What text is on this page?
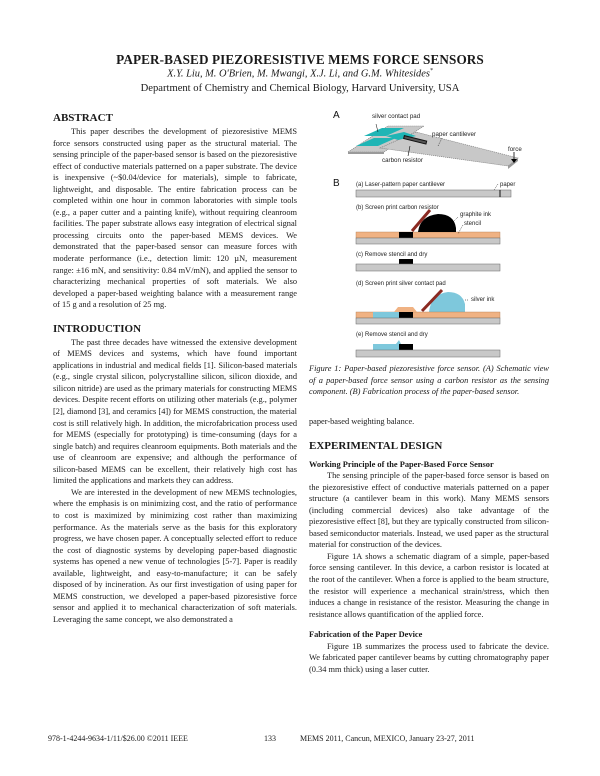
PAPER-BASED PIEZORESISTIVE MEMS FORCE SENSORS
X.Y. Liu, M. O'Brien, M. Mwangi, X.J. Li, and G.M. Whitesides*
Department of Chemistry and Chemical Biology, Harvard University, USA
ABSTRACT

This paper describes the development of piezoresistive MEMS force sensors constructed using paper as the structural material. The sensing principle of the paper-based sensor is based on the piezoresistive effect of conductive materials patterned on a paper substrate. The device is inexpensive (~$0.04/device for materials), simple to fabricate, lightweight, and disposable. The entire fabrication process can be completed within one hour in common laboratories with simple tools (e.g., a paper cutter and a painting knife), without requiring cleanroom facilities. The paper substrate allows easy integration of electrical signal processing circuits onto the paper-based MEMS devices. We demonstrated that the paper-based sensor can measure forces with moderate performance (i.e., detection limit: 120 µN, measurement range: ±16 mN, and sensitivity: 0.84 mV/mN), and applied the sensor to characterizing mechanical properties of soft materials. We also developed a paper-based weighting balance with a measurement range of 15 g and a resolution of 25 mg.

INTRODUCTION

The past three decades have witnessed the extensive development of MEMS devices and systems, which have found important applications in industrial and medical fields [1]. Silicon-based materials (e.g., single crystal silicon, polycrystalline silicon, silicon dioxide, and silicon nitride) are used as the primary materials for constructing MEMS devices. Despite recent efforts on utilizing other materials (e.g., polymer [2], diamond [3], and ceramics [4]) for MEMS construction, the material cost is still relatively high. In addition, the microfabrication process used for MEMS (especially for prototyping) is time-consuming (days for a single batch) and requires cleanroom equipments. Both materials and the use of cleanroom are expensive; and although the performance of silicon-based MEMS can be excellent, their relatively high cost has limited the applications and markets they can address.

We are interested in the development of new MEMS technologies, where the emphasis is on minimizing cost, and the ratio of performance to cost is maximized by minimizing cost rather than maximizing performance. As the materials serve as the basis for this exploratory progress, we have chosen paper. A conceptually selected effort to reduce the cost of diagnostic systems by developing paper-based diagnostic systems has opened a new venue of technologies [5-7]. Paper is readily available, lightweight, and easy-to-manufacture; it can be safely disposed of by incineration. As our first investigation of using paper for MEMS construction, we developed a paper-based pizoresistive force sensor and applied it to mechanical characterization of soft materials. Leveraging the same concept, we also demonstrated a

A	silver contact pad
paper cantilever
carbon resistor
force
B	(a) Laser-pattern paper cantilever	paper
(b) Screen print carbon resistor
graphite ink
stencil
(c) Remove stencil and dry
(d) Screen print silver contact pad
silver ink
(e) Remove stencil and dry
Figure 1: Paper-based piezoresistive force sensor. (A) Schematic view of a paper-based force sensor using a carbon resistor as the sensing component. (B) Fabrication process of the paper-based sensor.

paper-based weighting balance.

EXPERIMENTAL DESIGN
Working Principle of the Paper-Based Force Sensor

The sensing principle of the paper-based force sensor is based on the piezoresistive effect of conductive materials patterned on a paper structure (a cantilever beam in this work). Many MEMS sensors (including commercial devices) also take advantage of the piezoresistive effect [8], but they are typically constructed from silicon-based semiconductor materials. Instead, we used paper as the structural material for construction of the devices.

Figure 1A shows a schematic diagram of a simple, paper-based force sensing cantilever. In this device, a carbon resistor is located at the root of the cantilever. When a force is applied to the beam structure, the resistor will experience a mechanical strain/stress, which then induces a change in resistance of the resistor. Measuring the change in resistance allows quantification of the applied force.

Fabrication of the Paper Device

Figure 1B summarizes the process used to fabricate the device. We fabricated paper cantilever beams by cutting chromatography paper (0.34 mm thick) using a laser cutter.

978-1-4244-9634-1/11/$26.00 ©2011 IEEE	133	MEMS 2011, Cancun, MEXICO, January 23-27, 2011
